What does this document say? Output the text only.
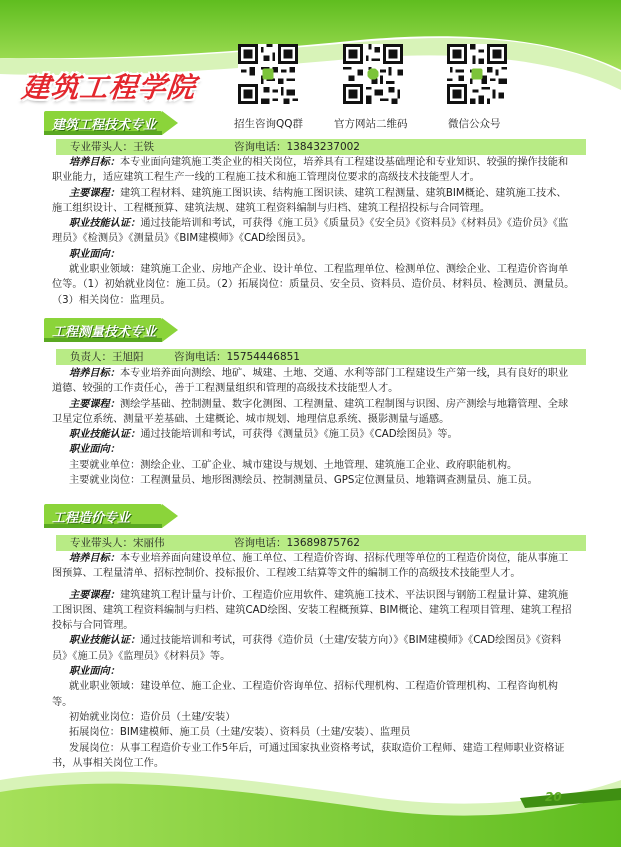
建筑工程学院
招生咨询QQ群	官方网站二维码	微信公众号
建筑工程技术专业
专业带头人：王铁	咨询电话：13843237002

培养目标：本专业面向建筑施工类企业的相关岗位，培养具有工程建设基础理论和专业知识、较强的操作技能和职业能力，适应建筑工程生产一线的工程施工技术和施工管理岗位要求的高级技术技能型人才。

主要课程：建筑工程材料、建筑施工图识读、结构施工图识读、建筑工程测量、建筑BIM概论、建筑施工技术、施工组织设计、工程概预算、建筑法规、建筑工程资料编制与归档、建筑工程招投标与合同管理。

职业技能认证：通过技能培训和考试，可获得《施工员》《质量员》《安全员》《资料员》《材料员》《造价员》《监理员》《检测员》《测量员》《BIM建模师》《CAD绘图员》。

职业面向：

就业职业领域：建筑施工企业、房地产企业、设计单位、工程监理单位、检测单位、测绘企业、工程造价咨询单位等。（1）初始就业岗位：施工员。（2）拓展岗位：质量员、安全员、资料员、造价员、材料员、检测员、测量员。（3）相关岗位：监理员。

工程测量技术专业
负责人：王旭阳	咨询电话：15754446851

培养目标：本专业培养面向测绘、地矿、城建、土地、交通、水利等部门工程建设生产第一线，具有良好的职业道德、较强的工作责任心，善于工程测量组织和管理的高级技术技能型人才。

主要课程：测绘学基础、控制测量、数字化测图、工程测量、建筑工程制图与识图、房产测绘与地籍管理、全球卫星定位系统、测量平差基础、土建概论、城市规划、地理信息系统、摄影测量与遥感。

职业技能认证：通过技能培训和考试，可获得《测量员》《施工员》《CAD绘图员》等。

职业面向：

主要就业单位：测绘企业、工矿企业、城市建设与规划、土地管理、建筑施工企业、政府职能机构。

主要就业岗位：工程测量员、地形图测绘员、控制测量员、GPS定位测量员、地籍调查测量员、施工员。

工程造价专业
专业带头人：宋丽伟	咨询电话：13689875762

培养目标：本专业培养面向建设单位、施工单位、工程造价咨询、招标代理等单位的工程造价岗位，能从事施工图预算、工程量清单、招标控制价、投标报价、工程竣工结算等文件的编制工作的高级技术技能型人才。

主要课程：建筑建筑工程计量与计价、工程造价应用软件、建筑施工技术、平法识图与钢筋工程量计算、建筑施工图识图、建筑工程资料编制与归档、建筑CAD绘图、安装工程概预算、BIM概论、建筑工程项目管理、建筑工程招投标与合同管理。

职业技能认证：通过技能培训和考试，可获得《造价员（土建/安装方向）》《BIM建模师》《CAD绘图员》《资料员》《施工员》《监理员》《材料员》等。

职业面向：

就业职业领域：建设单位、施工企业、工程造价咨询单位、招标代理机构、工程造价管理机构、工程咨询机构等。

初始就业岗位：造价员（土建/安装）

拓展岗位：BIM建模师、施工员（土建/安装）、资料员（土建/安装）、监理员

发展岗位：从事工程造价专业工作5年后，可通过国家执业资格考试，获取造价工程师、建造工程师职业资格证书，从事相关岗位工作。

20
